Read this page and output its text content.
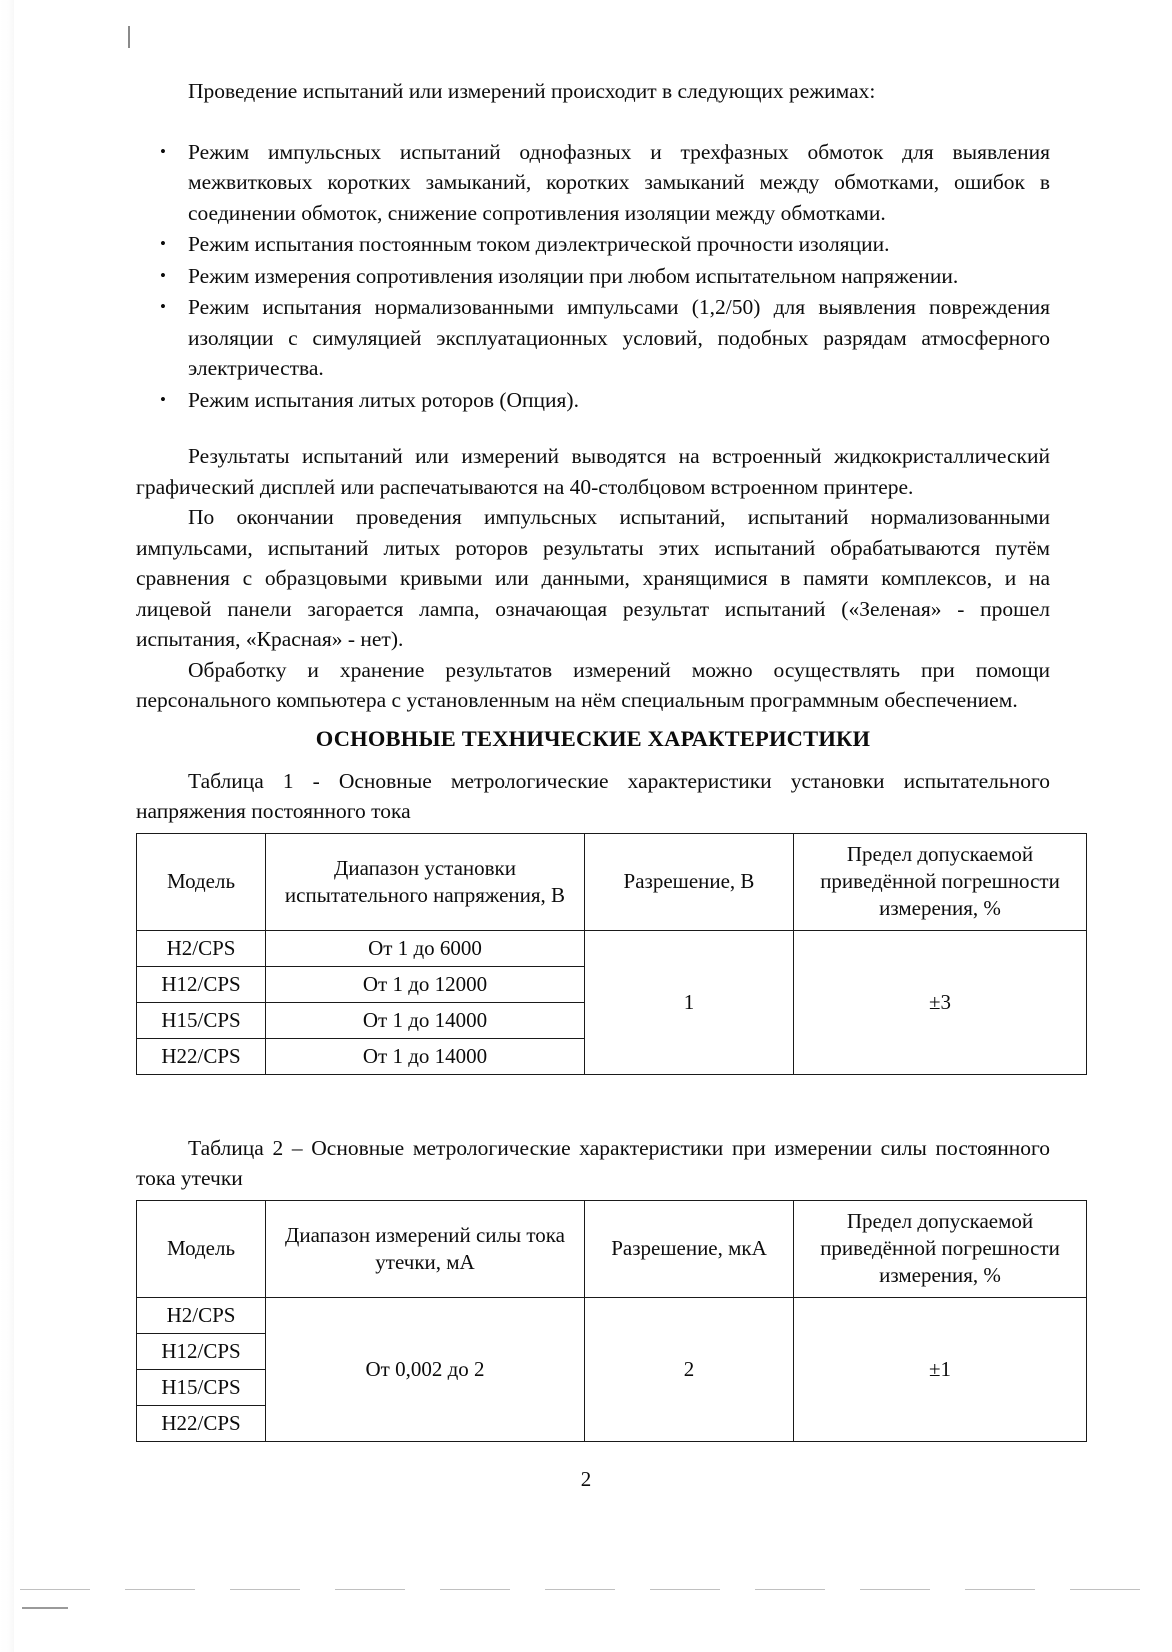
Проведение испытаний или измерений происходит в следующих режимах:

• Режим импульсных испытаний однофазных и трехфазных обмоток для выявления межвитковых коротких замыканий, коротких замыканий между обмотками, ошибок в соединении обмоток, снижение сопротивления изоляции между обмотками.
• Режим испытания постоянным током диэлектрической прочности изоляции.
• Режим измерения сопротивления изоляции при любом испытательном напряжении.
• Режим испытания нормализованными импульсами (1,2/50) для выявления повреждения изоляции с симуляцией эксплуатационных условий, подобных разрядам атмосферного электричества.
• Режим испытания литых роторов (Опция).

Результаты испытаний или измерений выводятся на встроенный жидкокристаллический графический дисплей или распечатываются на 40-столбцовом встроенном принтере.

По окончании проведения импульсных испытаний, испытаний нормализованными импульсами, испытаний литых роторов результаты этих испытаний обрабатываются путём сравнения с образцовыми кривыми или данными, хранящимися в памяти комплексов, и на лицевой панели загорается лампа, означающая результат испытаний («Зеленая» - прошел испытания, «Красная» - нет).

Обработку и хранение результатов измерений можно осуществлять при помощи персонального компьютера с установленным на нём специальным программным обеспечением.

ОСНОВНЫЕ ТЕХНИЧЕСКИЕ ХАРАКТЕРИСТИКИ

Таблица 1 - Основные метрологические характеристики установки испытательного напряжения постоянного тока

Модель	Диапазон установки испытательного напряжения, В	Разрешение, В	Предел допускаемой приведённой погрешности измерения, %
Н2/CPS	От 1 до 6000	1	±3
Н12/CPS	От 1 до 12000		
Н15/CPS	От 1 до 14000		
Н22/CPS	От 1 до 14000		

Таблица 2 – Основные метрологические характеристики при измерении силы постоянного тока утечки

Модель	Диапазон измерений силы тока утечки, мА	Разрешение, мкА	Предел допускаемой приведённой погрешности измерения, %
Н2/CPS	От 0,002 до 2	2	±1
Н12/CPS			
Н15/CPS			
Н22/CPS			
2
